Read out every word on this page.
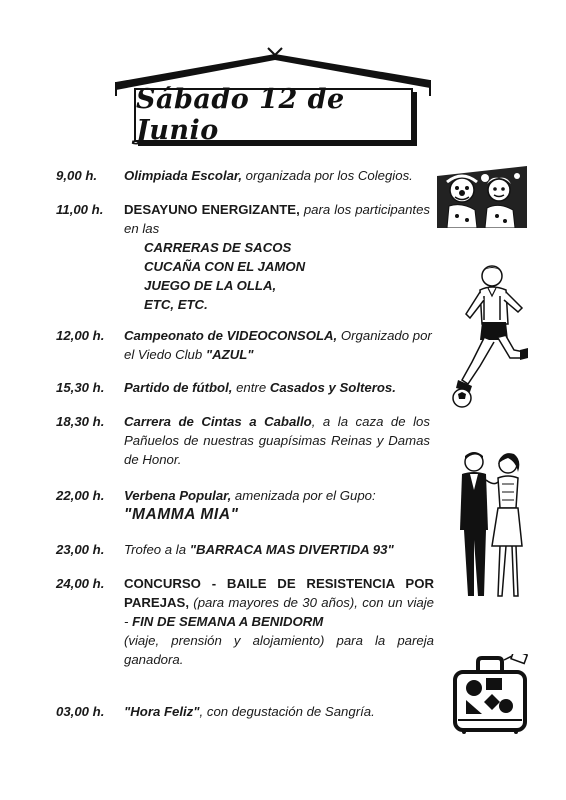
Sábado 12 de Junio
9,00 h.	Olimpiada Escolar, organizada por los Colegios.
11,00 h.	DESAYUNO ENERGIZANTE, para los participantes en las
CARRERAS DE SACOS
CUCAÑA CON EL JAMON
JUEGO DE LA OLLA,
ETC, ETC.
12,00 h.	Campeonato de VIDEOCONSOLA, Organizado por el Viedo Club "AZUL"
15,30 h.	Partido de fútbol, entre Casados y Solteros.
18,30 h.	Carrera de Cintas a Caballo, a la caza de los Pañuelos de nuestras guapísimas Reinas y Damas de Honor.
22,00 h.	Verbena Popular, amenizada por el Gupo:
"MAMMA MIA"
23,00 h.	Trofeo a la "BARRACA MAS DIVERTIDA 93"
24,00 h.	CONCURSO - BAILE DE RESISTENCIA POR PAREJAS, (para mayores de 30 años), con un viaje - FIN DE SEMANA A BENIDORM
(viaje, prensión y alojamiento) para la pareja ganadora.
03,00 h.	"Hora Feliz", con degustación de Sangría.
